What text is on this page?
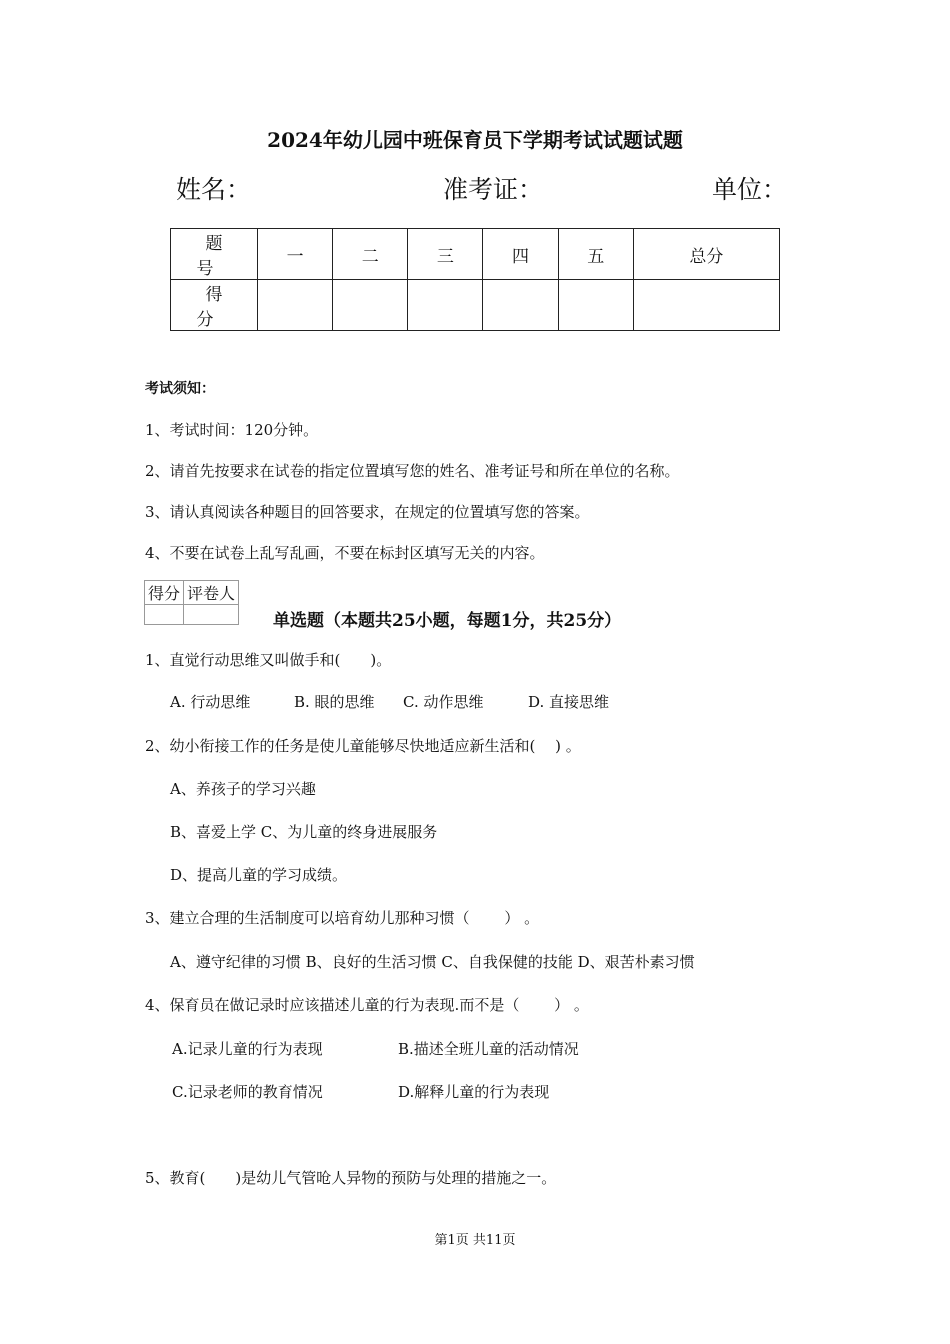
2024年幼儿园中班保育员下学期考试试题试题
姓名：	准考证：	单位：
题 号	一	二	三	四	五	总分
得 分						
考试须知：
1、考试时间：120分钟。
2、请首先按要求在试卷的指定位置填写您的姓名、准考证号和所在单位的名称。
3、请认真阅读各种题目的回答要求，在规定的位置填写您的答案。
4、不要在试卷上乱写乱画，不要在标封区填写无关的内容。
得分	评卷人

单选题（本题共25小题，每题1分，共25分）
1、直觉行动思维又叫做手和(　　)。
A. 行动思维	B. 眼的思维 C. 动作思维	D. 直接思维
2、幼小衔接工作的任务是使儿童能够尽快地适应新生活和(　 ) 。
A、养孩子的学习兴趣
B、喜爱上学 C、为儿童的终身进展服务
D、提高儿童的学习成绩。
3、建立合理的生活制度可以培育幼儿那种习惯（　　 ） 。
A、遵守纪律的习惯 B、良好的生活习惯 C、自我保健的技能 D、艰苦朴素习惯
4、保育员在做记录时应该描述儿童的行为表现.而不是（　　 ） 。
A.记录儿童的行为表现	B.描述全班儿童的活动情况
C.记录老师的教育情况	D.解释儿童的行为表现
5、教育(　　)是幼儿气管呛人异物的预防与处理的措施之一。
第1页 共11页
